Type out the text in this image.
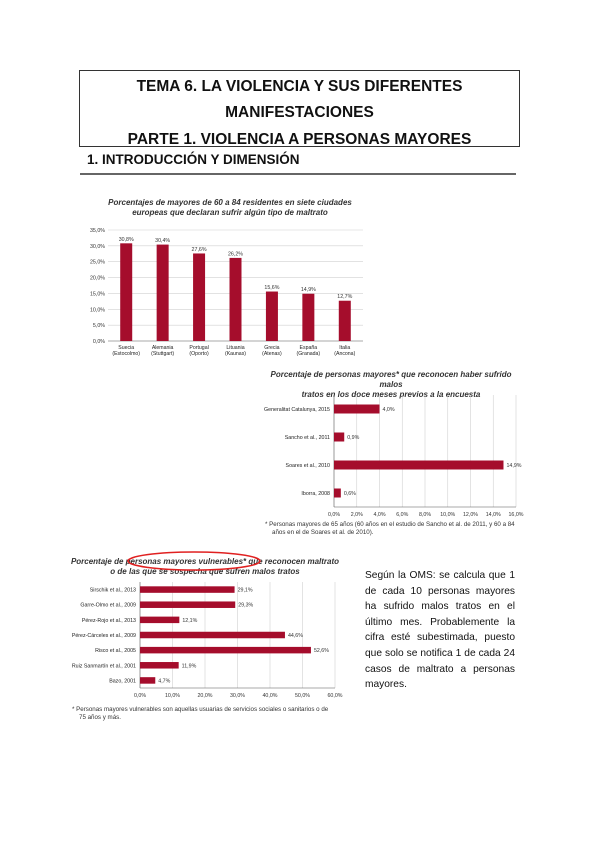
TEMA 6. LA VIOLENCIA Y SUS DIFERENTES
MANIFESTACIONES
PARTE 1. VIOLENCIA A PERSONAS MAYORES
1. INTRODUCCIÓN Y DIMENSIÓN
Porcentajes de mayores de 60 a 84 residentes en siete ciudades
europeas que declaran sufrir algún tipo de maltrato
0,0%
5,0%
10,0%
15,0%
20,0%
25,0%
30,0%
35,0%
30,8%
Suecia
(Estocolmo)
30,4%
Alemania
(Stuttgart)
27,6%
Portugal
(Oporto)
26,2%
Lituania
(Kaunas)
15,6%
Grecia
(Atenas)
14,9%
España
(Granada)
12,7%
Italia
(Ancona)
Porcentaje de personas mayores* que reconocen haber sufrido malos
tratos en los doce meses previos a la encuesta
0,0% 2,0% 4,0% 6,0% 8,0% 10,0% 12,0% 14,0% 16,0%
4,0%
Generalitat Catalunya, 2015
0,9%
Sancho et al., 2011
14,9%
Soares et al., 2010
0,6%
Iborra, 2008
* Personas mayores de 65 años (60 años en el estudio de Sancho et al. de 2011, y 60 a 84
años en el de Soares et al. de 2010).
Porcentaje de personas mayores vulnerables* que reconocen maltrato
o de las que se sospecha que sufren malos tratos
0,0%	10,0%	20,0%	30,0%	40,0%	50,0%	60,0%
29,1%
Sirschik et al., 2013
29,3%
Garre-Olmo et al., 2009
12,1%
Pérez-Rojo et al., 2013
44,6%
Pérez-Cárceles et al., 2009
52,6%
Risco et al., 2005
11,9%
Ruiz Sanmartín et al., 2001
4,7%
Bazo, 2001
* Personas mayores vulnerables son aquellas usuarias de servicios sociales o sanitarios o de
75 años y más.
Según la OMS: se calcula que 1 de cada 10 personas mayores ha sufrido malos tratos en el último mes. Probablemente la cifra esté subestimada, puesto que solo se notifica 1 de cada 24 casos de maltrato a personas mayores.
